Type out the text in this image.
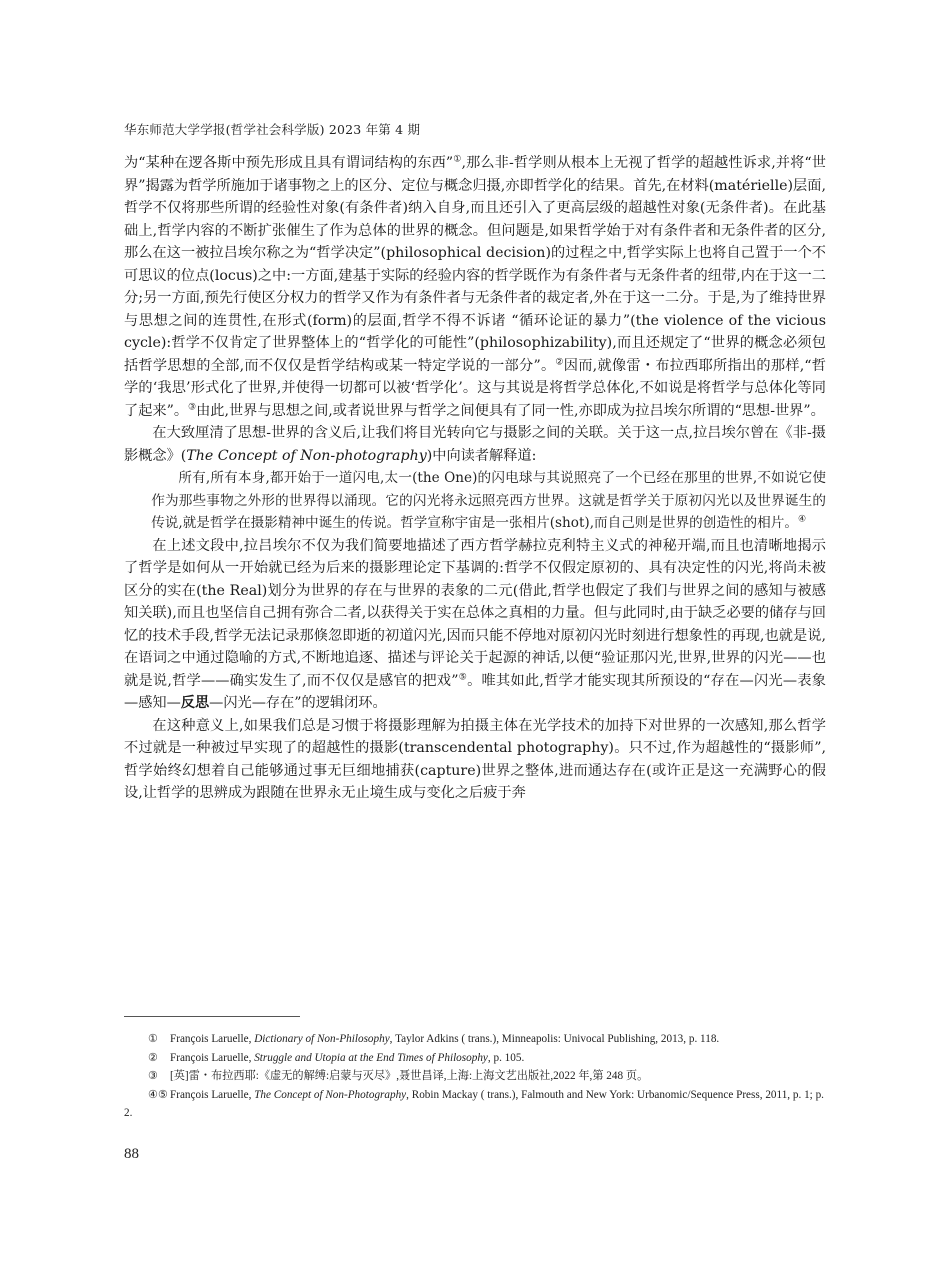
华东师范大学学报(哲学社会科学版) 2023 年第 4 期

为“某种在逻各斯中预先形成且具有谓词结构的东西”①,那么非-哲学则从根本上无视了哲学的超越性诉求,并将“世界”揭露为哲学所施加于诸事物之上的区分、定位与概念归摄,亦即哲学化的结果。首先,在材料(matérielle)层面,哲学不仅将那些所谓的经验性对象(有条件者)纳入自身,而且还引入了更高层级的超越性对象(无条件者)。在此基础上,哲学内容的不断扩张催生了作为总体的世界的概念。但问题是,如果哲学始于对有条件者和无条件者的区分,那么在这一被拉吕埃尔称之为“哲学决定”(philosophical decision)的过程之中,哲学实际上也将自己置于一个不可思议的位点(locus)之中:一方面,建基于实际的经验内容的哲学既作为有条件者与无条件者的纽带,内在于这一二分;另一方面,预先行使区分权力的哲学又作为有条件者与无条件者的裁定者,外在于这一二分。于是,为了维持世界与思想之间的连贯性,在形式(form)的层面,哲学不得不诉诸 “循环论证的暴力”(the violence of the vicious cycle):哲学不仅肯定了世界整体上的“哲学化的可能性”(philosophizability),而且还规定了“世界的概念必须包括哲学思想的全部,而不仅仅是哲学结构或某一特定学说的一部分”。②因而,就像雷・布拉西耶所指出的那样,“哲学的‘我思’形式化了世界,并使得一切都可以被‘哲学化’。这与其说是将哲学总体化,不如说是将哲学与总体化等同了起来”。③由此,世界与思想之间,或者说世界与哲学之间便具有了同一性,亦即成为拉吕埃尔所谓的“思想-世界”。

在大致厘清了思想-世界的含义后,让我们将目光转向它与摄影之间的关联。关于这一点,拉吕埃尔曾在《非-摄影概念》(The Concept of Non-photography)中向读者解释道:

所有,所有本身,都开始于一道闪电,太一(the One)的闪电球与其说照亮了一个已经在那里的世界,不如说它使作为那些事物之外形的世界得以涌现。它的闪光将永远照亮西方世界。这就是哲学关于原初闪光以及世界诞生的传说,就是哲学在摄影精神中诞生的传说。哲学宣称宇宙是一张相片(shot),而自己则是世界的创造性的相片。④

在上述文段中,拉吕埃尔不仅为我们简要地描述了西方哲学赫拉克利特主义式的神秘开端,而且也清晰地揭示了哲学是如何从一开始就已经为后来的摄影理论定下基调的:哲学不仅假定原初的、具有决定性的闪光,将尚未被区分的实在(the Real)划分为世界的存在与世界的表象的二元(借此,哲学也假定了我们与世界之间的感知与被感知关联),而且也坚信自己拥有弥合二者,以获得关于实在总体之真相的力量。但与此同时,由于缺乏必要的储存与回忆的技术手段,哲学无法记录那倏忽即逝的初道闪光,因而只能不停地对原初闪光时刻进行想象性的再现,也就是说,在语词之中通过隐喻的方式,不断地追逐、描述与评论关于起源的神话,以便“验证那闪光,世界,世界的闪光——也就是说,哲学——确实发生了,而不仅仅是感官的把戏”⑤。唯其如此,哲学才能实现其所预设的“存在—闪光—表象—感知—反思—闪光—存在”的逻辑闭环。

在这种意义上,如果我们总是习惯于将摄影理解为拍摄主体在光学技术的加持下对世界的一次感知,那么哲学不过就是一种被过早实现了的超越性的摄影(transcendental photography)。只不过,作为超越性的“摄影师”,哲学始终幻想着自己能够通过事无巨细地捕获(capture)世界之整体,进而通达存在(或许正是这一充满野心的假设,让哲学的思辨成为跟随在世界永无止境生成与变化之后疲于奔

① François Laruelle, Dictionary of Non-Philosophy, Taylor Adkins ( trans.), Minneapolis: Univocal Publishing, 2013, p. 118.

② François Laruelle, Struggle and Utopia at the End Times of Philosophy, p. 105.

③ [英]雷・布拉西耶:《虚无的解缚:启蒙与灭尽》,聂世昌译,上海:上海文艺出版社,2022 年,第 248 页。

④⑤ François Laruelle, The Concept of Non-Photography, Robin Mackay ( trans.), Falmouth and New York: Urbanomic/Sequence Press, 2011, p. 1; p. 2.

88
